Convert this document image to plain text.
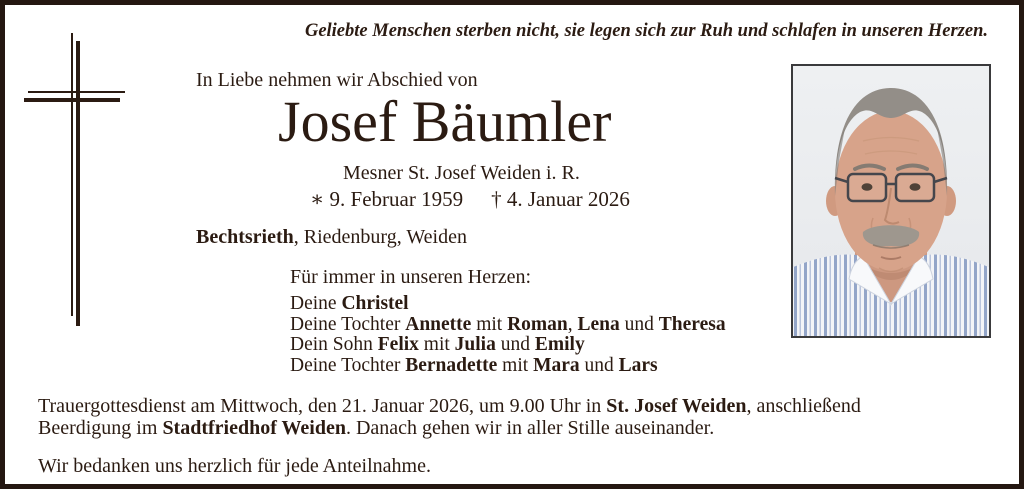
Geliebte Menschen sterben nicht, sie legen sich zur Ruh und schlafen in unseren Herzen.
In Liebe nehmen wir Abschied von
Josef Bäumler
Mesner St. Josef Weiden i. R.
∗ 9. Februar 1959 † 4. Januar 2026
Bechtsrieth, Riedenburg, Weiden
Für immer in unseren Herzen:
Deine Christel
Deine Tochter Annette mit Roman, Lena und Theresa
Dein Sohn Felix mit Julia und Emily
Deine Tochter Bernadette mit Mara und Lars
Trauergottesdienst am Mittwoch, den 21. Januar 2026, um 9.00 Uhr in St. Josef Weiden, anschließend
Beerdigung im Stadtfriedhof Weiden. Danach gehen wir in aller Stille auseinander.
Wir bedanken uns herzlich für jede Anteilnahme.
